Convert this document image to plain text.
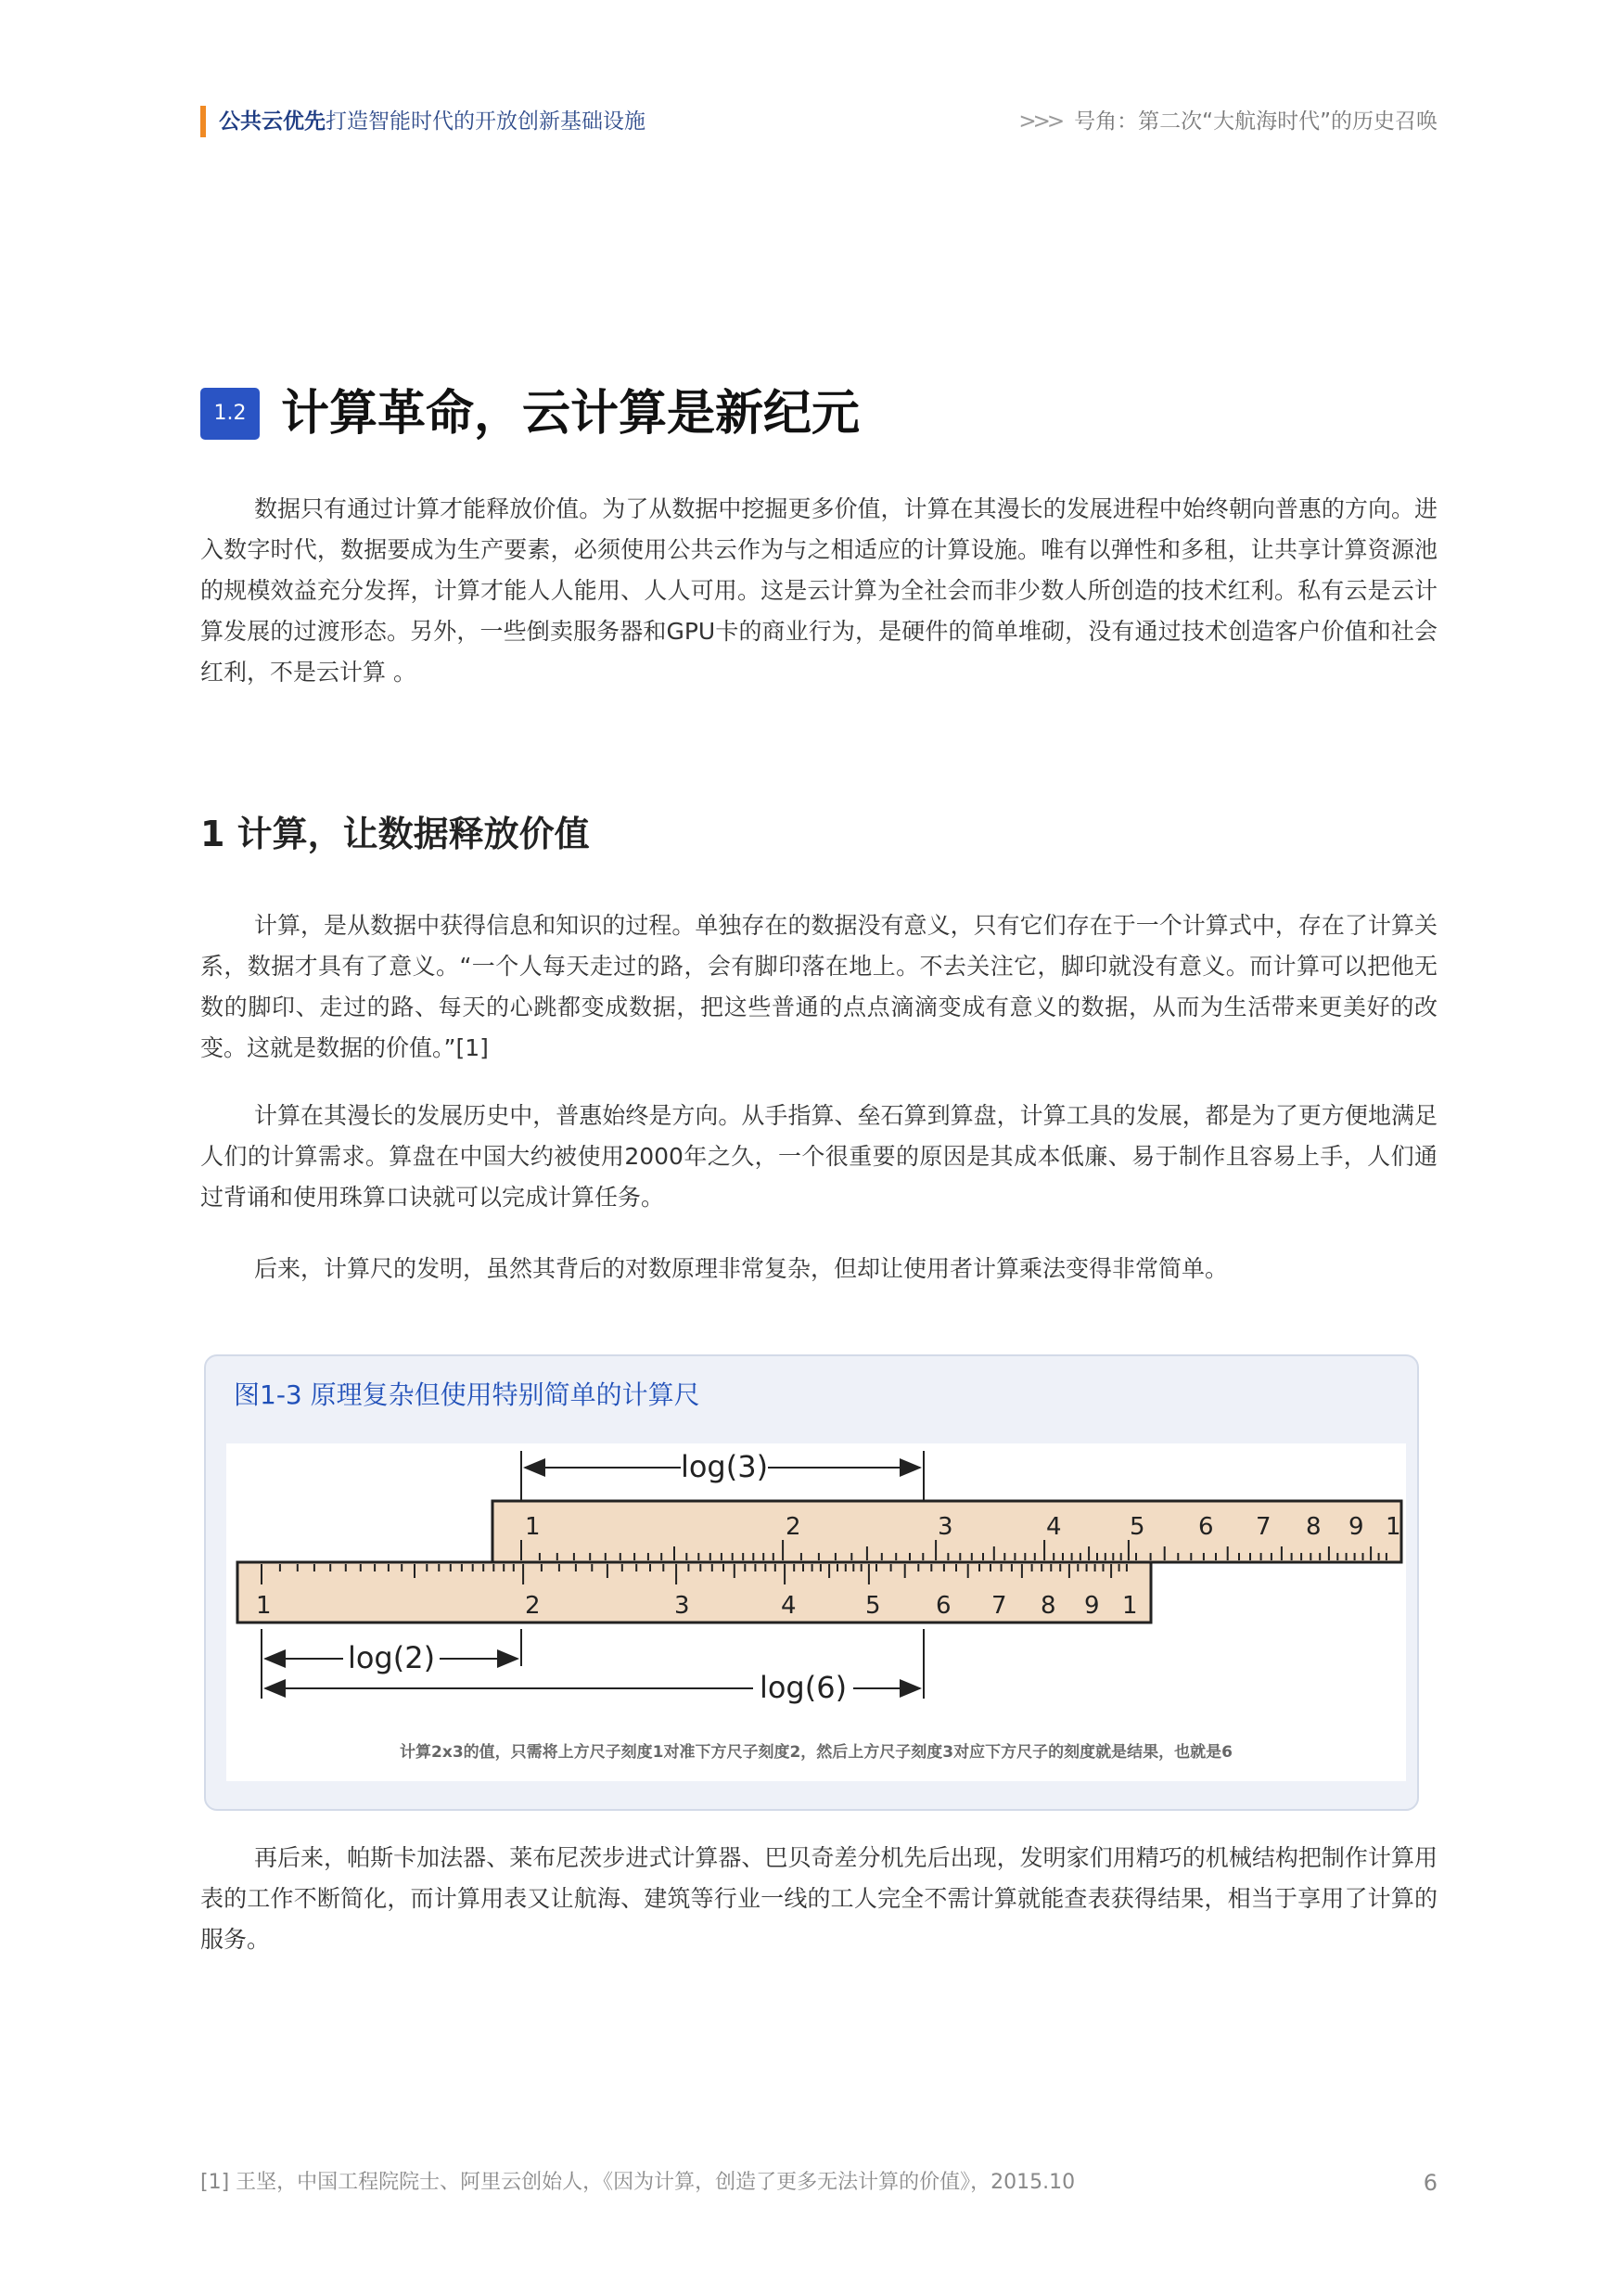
公共云优先打造智能时代的开放创新基础设施	>>> 号角：第二次“大航海时代”的历史召唤
1.2 计算革命，云计算是新纪元

数据只有通过计算才能释放价值。为了从数据中挖掘更多价值，计算在其漫长的发展进程中始终朝向普惠的方向。进入数字时代，数据要成为生产要素，必须使用公共云作为与之相适应的计算设施。唯有以弹性和多租，让共享计算资源池的规模效益充分发挥，计算才能人人能用、人人可用。这是云计算为全社会而非少数人所创造的技术红利。私有云是云计算发展的过渡形态。另外，一些倒卖服务器和GPU卡的商业行为，是硬件的简单堆砌，没有通过技术创造客户价值和社会红利，不是云计算 。

1 计算，让数据释放价值

计算，是从数据中获得信息和知识的过程。单独存在的数据没有意义，只有它们存在于一个计算式中，存在了计算关系，数据才具有了意义。“一个人每天走过的路，会有脚印落在地上。不去关注它，脚印就没有意义。而计算可以把他无数的脚印、走过的路、每天的心跳都变成数据，把这些普通的点点滴滴变成有意义的数据，从而为生活带来更美好的改变。这就是数据的价值。”[1]

计算在其漫长的发展历史中，普惠始终是方向。从手指算、垒石算到算盘，计算工具的发展，都是为了更方便地满足人们的计算需求。算盘在中国大约被使用2000年之久，一个很重要的原因是其成本低廉、易于制作且容易上手，人们通过背诵和使用珠算口诀就可以完成计算任务。

后来，计算尺的发明，虽然其背后的对数原理非常复杂，但却让使用者计算乘法变得非常简单。

图1-3 原理复杂但使用特别简单的计算尺
log(3)
1	2	3	4	5 6 7 8 9 1
1	2	3	4	5 6 7 8 9 1
log(2)
log(6)
计算2x3的值，只需将上方尺子刻度1对准下方尺子刻度2，然后上方尺子刻度3对应下方尺子的刻度就是结果，也就是6

再后来，帕斯卡加法器、莱布尼茨步进式计算器、巴贝奇差分机先后出现，发明家们用精巧的机械结构把制作计算用表的工作不断简化，而计算用表又让航海、建筑等行业一线的工人完全不需计算就能查表获得结果，相当于享用了计算的服务。

[1] 王坚，中国工程院院士、阿里云创始人，《因为计算，创造了更多无法计算的价值》，2015.10	6
